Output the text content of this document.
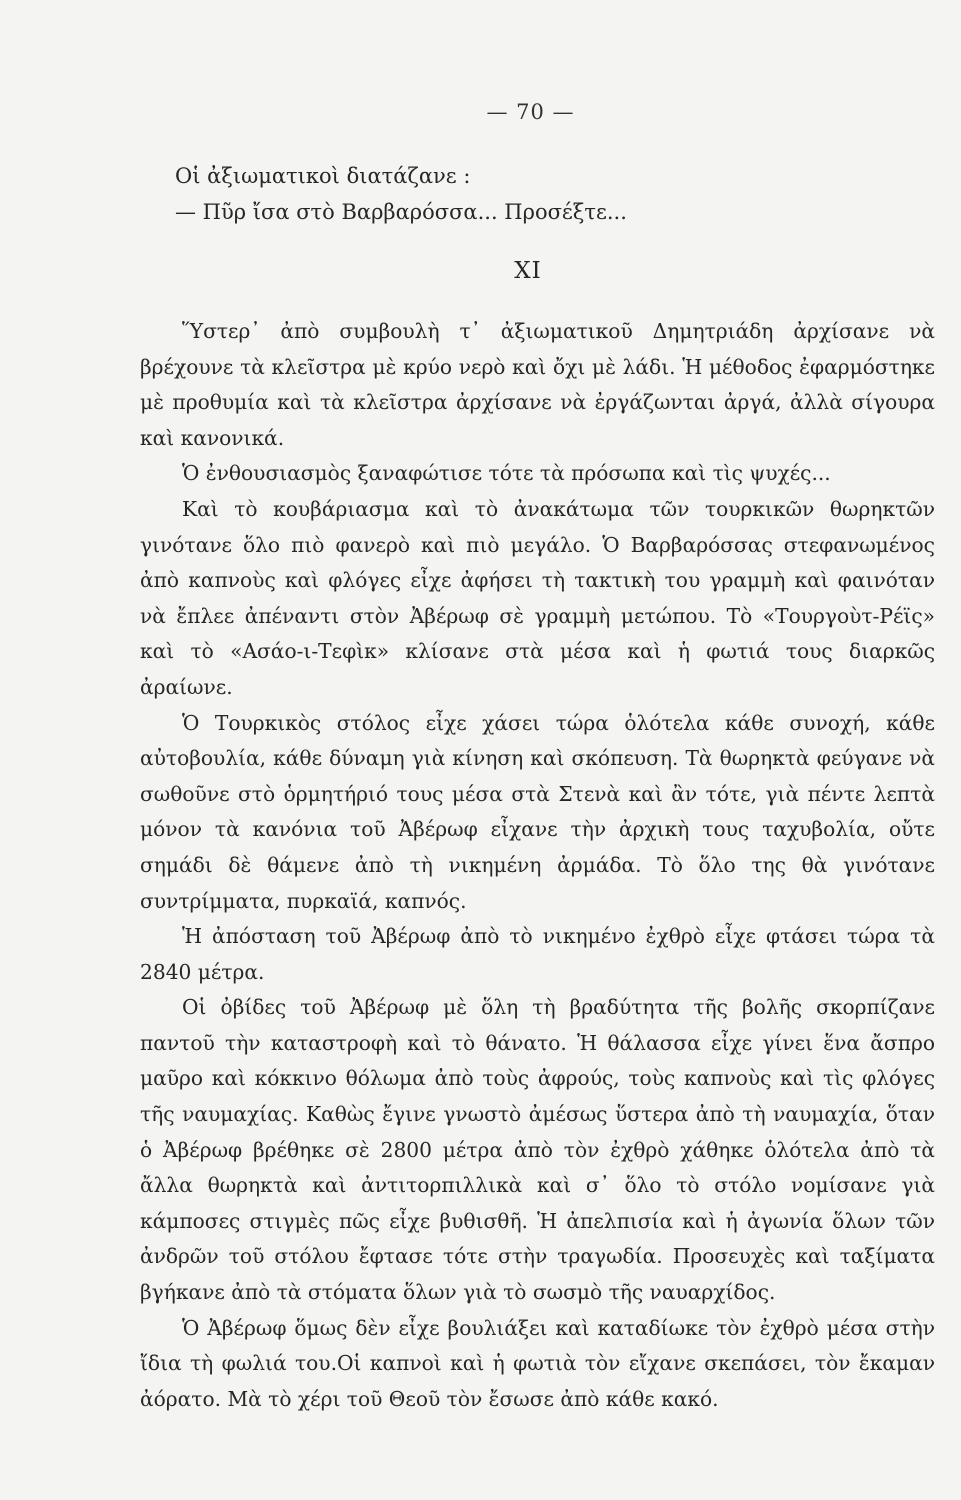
— 70 —

Οἱ ἀξιωματικοὶ διατάζανε :

— Πῦρ ἴσα στὸ Βαρβαρόσσα... Προσέξτε...

XI

Ὕστερ᾽ ἀπὸ συμβουλὴ τ᾽ ἀξιωματικοῦ Δημητριάδη ἀρχίσανε νὰ βρέχουνε τὰ κλεῖστρα μὲ κρύο νερὸ καὶ ὄχι μὲ λάδι. Ἡ μέθοδος ἐφαρμόστηκε μὲ προθυμία καὶ τὰ κλεῖστρα ἀρχίσανε νὰ ἐργάζωνται ἀργά, ἀλλὰ σίγουρα καὶ κανονικά.

Ὁ ἐνθουσιασμὸς ξαναφώτισε τότε τὰ πρόσωπα καὶ τὶς ψυχές...

Καὶ τὸ κουβάριασμα καὶ τὸ ἀνακάτωμα τῶν τουρκικῶν θωρηκτῶν γινότανε ὅλο πιὸ φανερὸ καὶ πιὸ μεγάλο. Ὁ Βαρβαρόσσας στεφανωμένος ἀπὸ καπνοὺς καὶ φλόγες εἶχε ἀφήσει τὴ τακτικὴ του γραμμὴ καὶ φαινόταν νὰ ἔπλεε ἀπέναντι στὸν Ἀβέρωφ σὲ γραμμὴ μετώπου. Τὸ «Τουργοὺτ-Ρέϊς» καὶ τὸ «Ασάο-ι-Τεφὶκ» κλίσανε στὰ μέσα καὶ ἡ φωτιά τους διαρκῶς ἀραίωνε.

Ὁ Τουρκικὸς στόλος εἶχε χάσει τώρα ὁλότελα κάθε συνοχή, κάθε αὐτοβουλία, κάθε δύναμη γιὰ κίνηση καὶ σκόπευση. Τὰ θωρηκτὰ φεύγανε νὰ σωθοῦνε στὸ ὁρμητήριό τους μέσα στὰ Στενὰ καὶ ἂν τότε, γιὰ πέντε λεπτὰ μόνον τὰ κανόνια τοῦ Ἀβέρωφ εἶχανε τὴν ἀρχικὴ τους ταχυβολία, οὔτε σημάδι δὲ θάμενε ἀπὸ τὴ νικημένη ἀρμάδα. Τὸ ὅλο της θὰ γινότανε συντρίμματα, πυρκαϊά, καπνός.

Ἡ ἀπόσταση τοῦ Ἀβέρωφ ἀπὸ τὸ νικημένο ἐχθρὸ εἶχε φτάσει τώρα τὰ 2840 μέτρα.

Οἱ ὀβίδες τοῦ Ἀβέρωφ μὲ ὅλη τὴ βραδύτητα τῆς βολῆς σκορπίζανε παντοῦ τὴν καταστροφὴ καὶ τὸ θάνατο. Ἡ θάλασσα εἶχε γίνει ἕνα ἄσπρο μαῦρο καὶ κόκκινο θόλωμα ἀπὸ τοὺς ἀφρούς, τοὺς καπνοὺς καὶ τὶς φλόγες τῆς ναυμαχίας. Καθὼς ἔγινε γνωστὸ ἀμέσως ὕστερα ἀπὸ τὴ ναυμαχία, ὅταν ὁ Ἀβέρωφ βρέθηκε σὲ 2800 μέτρα ἀπὸ τὸν ἐχθρὸ χάθηκε ὁλότελα ἀπὸ τὰ ἄλλα θωρηκτὰ καὶ ἀντιτορπιλλικὰ καὶ σ᾽ ὅλο τὸ στόλο νομίσανε γιὰ κάμποσες στιγμὲς πῶς εἶχε βυθισθῆ. Ἡ ἀπελπισία καὶ ἡ ἀγωνία ὅλων τῶν ἀνδρῶν τοῦ στόλου ἔφτασε τότε στὴν τραγωδία. Προσευχὲς καὶ ταξίματα βγήκανε ἀπὸ τὰ στόματα ὅλων γιὰ τὸ σωσμὸ τῆς ναυαρχίδος.

Ὁ Ἀβέρωφ ὅμως δὲν εἶχε βουλιάξει καὶ καταδίωκε τὸν ἐχθρὸ μέσα στὴν ἴδια τὴ φωλιά του.Οἱ καπνοὶ καὶ ἡ φωτιὰ τὸν εἴχανε σκεπάσει, τὸν ἔκαμαν ἀόρατο. Μὰ τὸ χέρι τοῦ Θεοῦ τὸν ἔσωσε ἀπὸ κάθε κακό.
